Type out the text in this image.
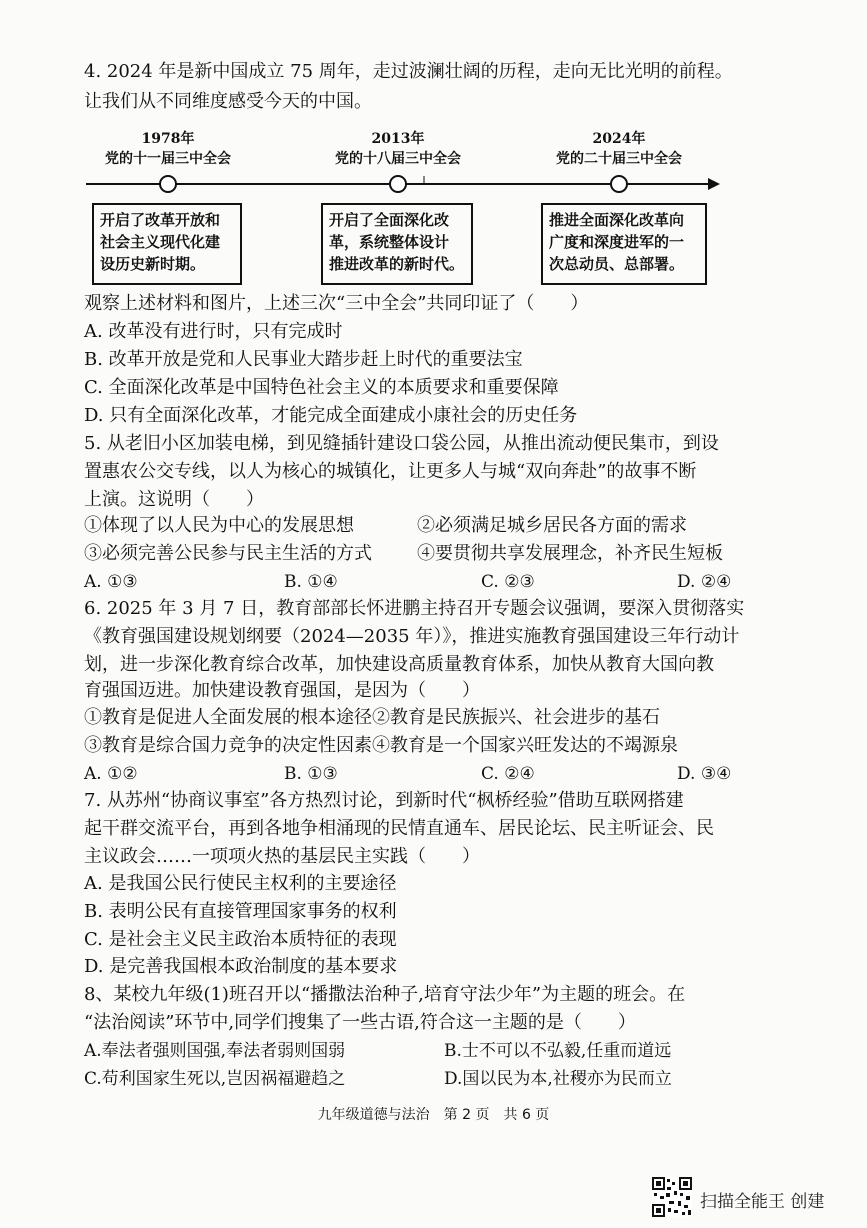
4. 2024 年是新中国成立 75 周年，走过波澜壮阔的历程，走向无比光明的前程。
让我们从不同维度感受今天的中国。
1978年
党的十一届三中全会
2013年
党的十八届三中全会
2024年
党的二十届三中全会
开启了改革开放和
社会主义现代化建
设历史新时期。
开启了全面深化改
革，系统整体设计
推进改革的新时代。
推进全面深化改革向
广度和深度进军的一
次总动员、总部署。
观察上述材料和图片，上述三次“三中全会”共同印证了（　　）
A. 改革没有进行时，只有完成时
B. 改革开放是党和人民事业大踏步赶上时代的重要法宝
C. 全面深化改革是中国特色社会主义的本质要求和重要保障
D. 只有全面深化改革，才能完成全面建成小康社会的历史任务
5. 从老旧小区加装电梯，到见缝插针建设口袋公园，从推出流动便民集市，到设
置惠农公交专线，以人为核心的城镇化，让更多人与城“双向奔赴”的故事不断
上演。这说明（　　）
①体现了以人民为中心的发展思想	②必须满足城乡居民各方面的需求
③必须完善公民参与民主生活的方式	④要贯彻共享发展理念，补齐民生短板
A. ①③	B. ①④	C. ②③	D. ②④
6. 2025 年 3 月 7 日，教育部部长怀进鹏主持召开专题会议强调，要深入贯彻落实
《教育强国建设规划纲要（2024—2035 年）》，推进实施教育强国建设三年行动计
划，进一步深化教育综合改革，加快建设高质量教育体系，加快从教育大国向教
育强国迈进。加快建设教育强国，是因为（　　）
①教育是促进人全面发展的根本途径②教育是民族振兴、社会进步的基石
③教育是综合国力竞争的决定性因素④教育是一个国家兴旺发达的不竭源泉
A. ①②	B. ①③	C. ②④	D. ③④
7. 从苏州“协商议事室”各方热烈讨论，到新时代“枫桥经验”借助互联网搭建
起干群交流平台，再到各地争相涌现的民情直通车、居民论坛、民主听证会、民
主议政会……一项项火热的基层民主实践（　　）
A. 是我国公民行使民主权利的主要途径
B. 表明公民有直接管理国家事务的权利
C. 是社会主义民主政治本质特征的表现
D. 是完善我国根本政治制度的基本要求
8、某校九年级(1)班召开以“播撒法治种子,培育守法少年”为主题的班会。在
“法治阅读”环节中,同学们搜集了一些古语,符合这一主题的是（　　）
A.奉法者强则国强,奉法者弱则国弱	B.士不可以不弘毅,任重而道远
C.苟利国家生死以,岂因祸福避趋之	D.国以民为本,社稷亦为民而立
九年级道德与法治　第 2 页　共 6 页
扫描全能王 创建
